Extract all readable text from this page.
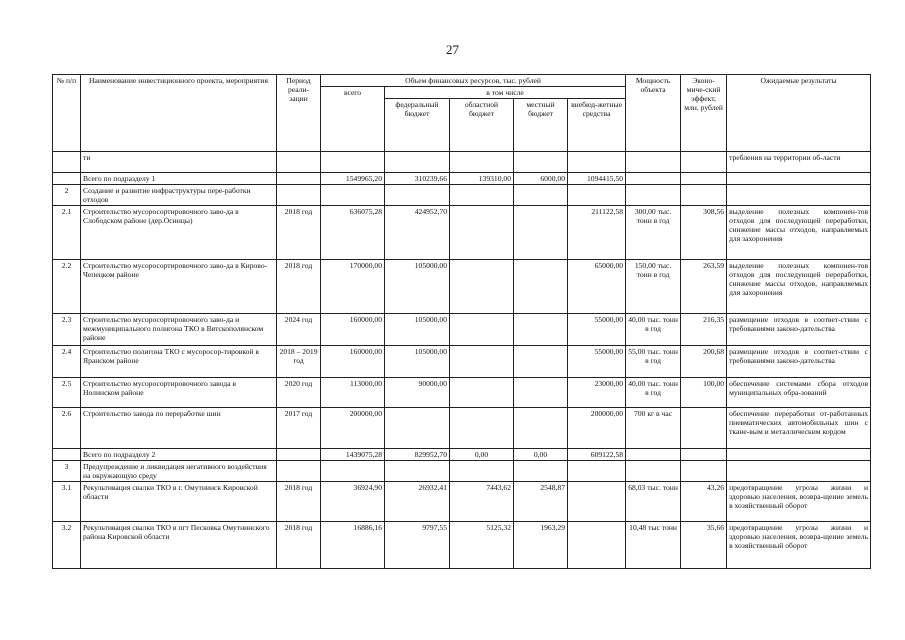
27
№ п/п	Наименование инвестиционного проекта, мероприятия	Период реали-зации	Объем финансовых ресурсов, тыс. рублей					Мощность объекта	Эконо-миче-ский эффект, млн. рублей	Ожидаемые результаты
			всего	в том числе						
				федеральный бюджет	областной бюджет	местный бюджет	внебюд-жетные средства			
	ти									требления на территории об-ласти
	Всего по подразделу 1		1549965,20	310239,66	139310,00	6000,00	1094415,50			
2	Создание и развитие инфраструктуры пере-работки отходов									
2.1	Строительство мусоросортировочного заво-да в Слободском районе (дер.Осинцы)	2018 год	636075,28	424952,70			211122,58	300,00 тыс. тонн в год	308,56	выделение полезных компонен-тов отходов для последующей переработки, снижение массы отходов, направляемых для захоронения
2.2	Строительство мусоросортировочного заво-да в Кирово-Чепецком районе	2018 год	170000,00	105000,00			65000,00	150,00 тыс. тонн в год	263,59	выделение полезных компонен-тов отходов для последующей переработки, снижение массы отходов, направляемых для захоронения
2.3	Строительство мусоросортировочного заво-да и межмуниципального полигона ТКО в Вятскополянском районе	2024 год	160000,00	105000,00			55000,00	40,00 тыс. тонн в год	216,35	размещение отходов в соответ-ствии с требованиями законо-дательства
2.4	Строительство полигона ТКО с мусоросор-тировкой в Яранском районе	2018 – 2019 год	160000,00	105000,00			55000,00	55,00 тыс. тонн в год	200,68	размещение отходов в соответ-ствии с требованиями законо-дательства
2.5	Строительство мусоросортировочного завода в Нолинском районе	2020 год	113000,00	90000,00			23000,00	40,00 тыс. тонн в год	100,00	обеспечение системами сбора отходов муниципальных обра-зований
2.6	Строительство завода по переработке шин	2017 год	200000,00				200000,00	700 кг в час		обеспечение переработки от-работанных пневматических автомобильных шин с ткане-вым и металлическим кордом
	Всего по подразделу 2		1439075,28	829952,70	0,00	0,00	609122,58			
3	Предупреждение и ликвидация негативного воздействия на окружающую среду									
3.1	Рекультивация свалки ТКО в г. Омутнинск Кировской области	2018 год	36924,90	26932,41	7443,62	2548,87		68,03 тыс. тонн	43,26	предотвращение угрозы жизни и здоровью населения, возвра-щение земель в хозяйственный оборот
3.2	Рекультивация свалки ТКО в пгт Песковка Омутнинского района Кировской области	2018 год	16886,16	9797,55	5125,32	1963,29		10,48 тыс тонн	35,66	предотвращение угрозы жизни и здоровью населения, возвра-щение земель в хозяйственный оборот
